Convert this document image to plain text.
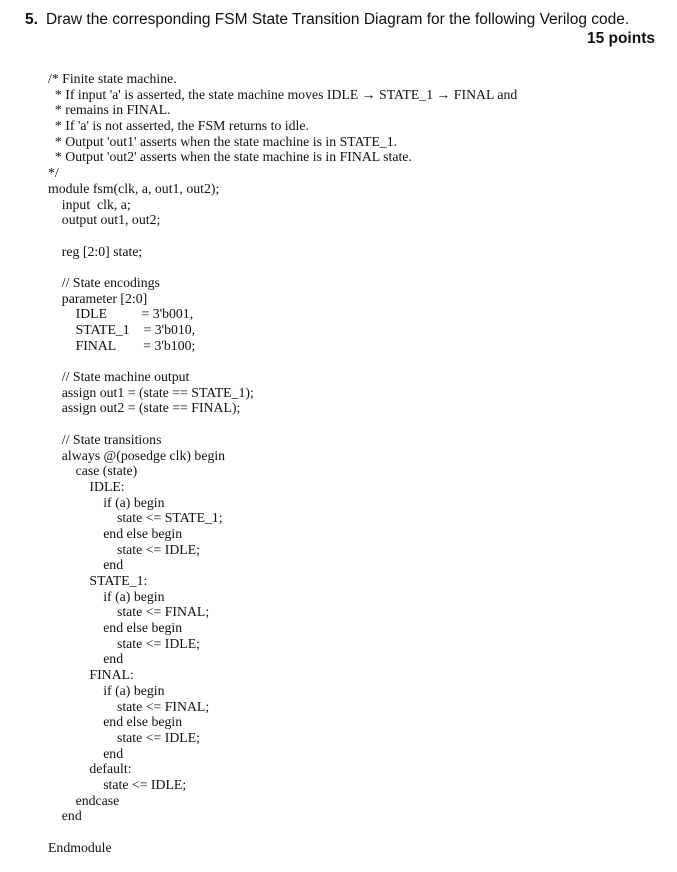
5. Draw the corresponding FSM State Transition Diagram for the following Verilog code.

15 points
/* Finite state machine.
* If input 'a' is asserted, the state machine moves IDLE → STATE_1 → FINAL and
* remains in FINAL.
* If 'a' is not asserted, the FSM returns to idle.
* Output 'out1' asserts when the state machine is in STATE_1.
* Output 'out2' asserts when the state machine is in FINAL state.
*/
module fsm(clk, a, out1, out2);
input  clk, a;
output out1, out2;
reg [2:0] state;
// State encodings
parameter [2:0]
IDLE          = 3'b001,
STATE_1    = 3'b010,
FINAL        = 3'b100;
// State machine output
assign out1 = (state == STATE_1);
assign out2 = (state == FINAL);
// State transitions
always @(posedge clk) begin
case (state)
IDLE:
if (a) begin
state <= STATE_1;
end else begin
state <= IDLE;
end
STATE_1:
if (a) begin
state <= FINAL;
end else begin
state <= IDLE;
end
FINAL:
if (a) begin
state <= FINAL;
end else begin
state <= IDLE;
end
default:
state <= IDLE;
endcase
end
Endmodule
